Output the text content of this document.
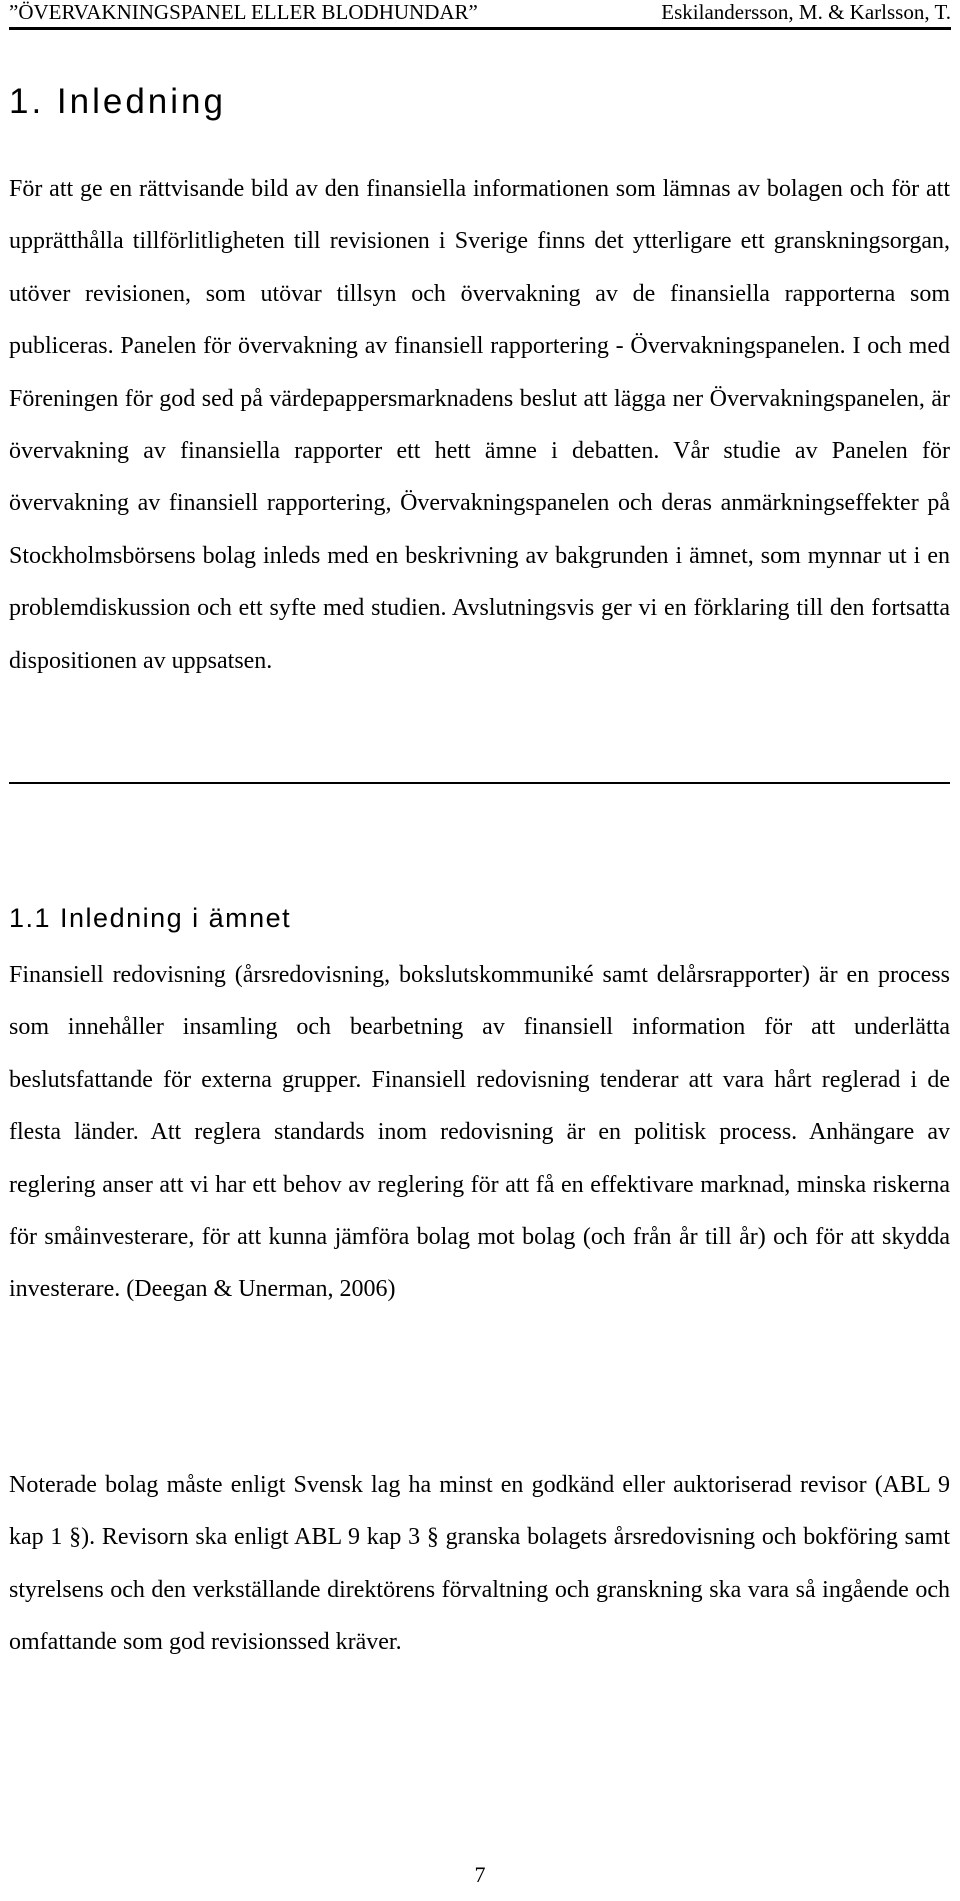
”ÖVERVAKNINGSPANEL ELLER BLODHUNDAR”	Eskilandersson, M. & Karlsson, T.
1. Inledning

För att ge en rättvisande bild av den finansiella informationen som lämnas av bolagen och för att upprätthålla tillförlitligheten till revisionen i Sverige finns det ytterligare ett granskningsorgan, utöver revisionen, som utövar tillsyn och övervakning av de finansiella rapporterna som publiceras. Panelen för övervakning av finansiell rapportering - Övervakningspanelen. I och med Föreningen för god sed på värdepappersmarknadens beslut att lägga ner Övervakningspanelen, är övervakning av finansiella rapporter ett hett ämne i debatten. Vår studie av Panelen för övervakning av finansiell rapportering, Övervakningspanelen och deras anmärkningseffekter på Stockholmsbörsens bolag inleds med en beskrivning av bakgrunden i ämnet, som mynnar ut i en problemdiskussion och ett syfte med studien. Avslutningsvis ger vi en förklaring till den fortsatta dispositionen av uppsatsen.

1.1 Inledning i ämnet

Finansiell redovisning (årsredovisning, bokslutskommuniké samt delårsrapporter) är en process som innehåller insamling och bearbetning av finansiell information för att underlätta beslutsfattande för externa grupper. Finansiell redovisning tenderar att vara hårt reglerad i de flesta länder. Att reglera standards inom redovisning är en politisk process. Anhängare av reglering anser att vi har ett behov av reglering för att få en effektivare marknad, minska riskerna för småinvesterare, för att kunna jämföra bolag mot bolag (och från år till år) och för att skydda investerare. (Deegan & Unerman, 2006)

Noterade bolag måste enligt Svensk lag ha minst en godkänd eller auktoriserad revisor (ABL 9 kap 1 §). Revisorn ska enligt ABL 9 kap 3 § granska bolagets årsredovisning och bokföring samt styrelsens och den verkställande direktörens förvaltning och granskning ska vara så ingående och omfattande som god revisionssed kräver.

7
